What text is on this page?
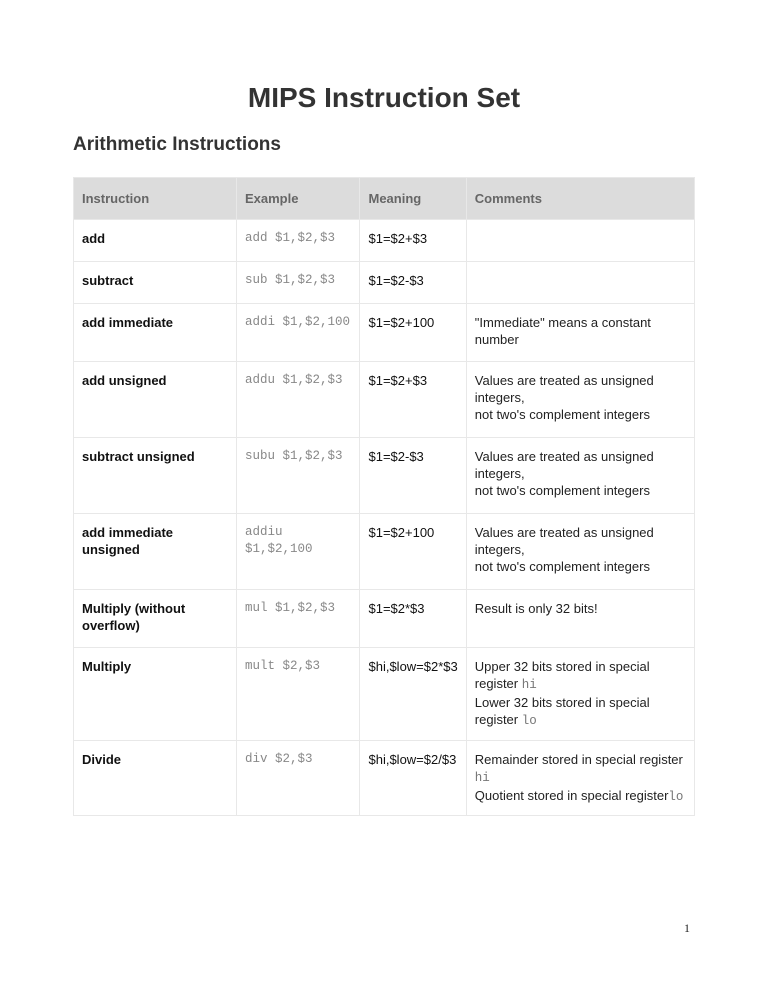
MIPS Instruction Set
Arithmetic Instructions
Instruction	Example	Meaning	Comments
add	add $1,$2,$3	$1=$2+$3	
subtract	sub $1,$2,$3	$1=$2-$3	
add immediate	addi $1,$2,100	$1=$2+100	"Immediate" means a constant number
add unsigned	addu $1,$2,$3	$1=$2+$3	Values are treated as unsigned integers,
not two's complement integers

subtract unsigned	subu $1,$2,$3	$1=$2-$3	Values are treated as unsigned integers,
not two's complement integers

add immediate unsigned	addiu $1,$2,100	$1=$2+100	Values are treated as unsigned integers,
not two's complement integers

Multiply (without overflow)	mul $1,$2,$3	$1=$2*$3	Result is only 32 bits!
Multiply	mult $2,$3	$hi,$low=$2*$3	Upper 32 bits stored in special register hi
Lower 32 bits stored in special register lo

Divide	div $2,$3	$hi,$low=$2/$3	Remainder stored in special register hi
Quotient stored in special registerlo
1
